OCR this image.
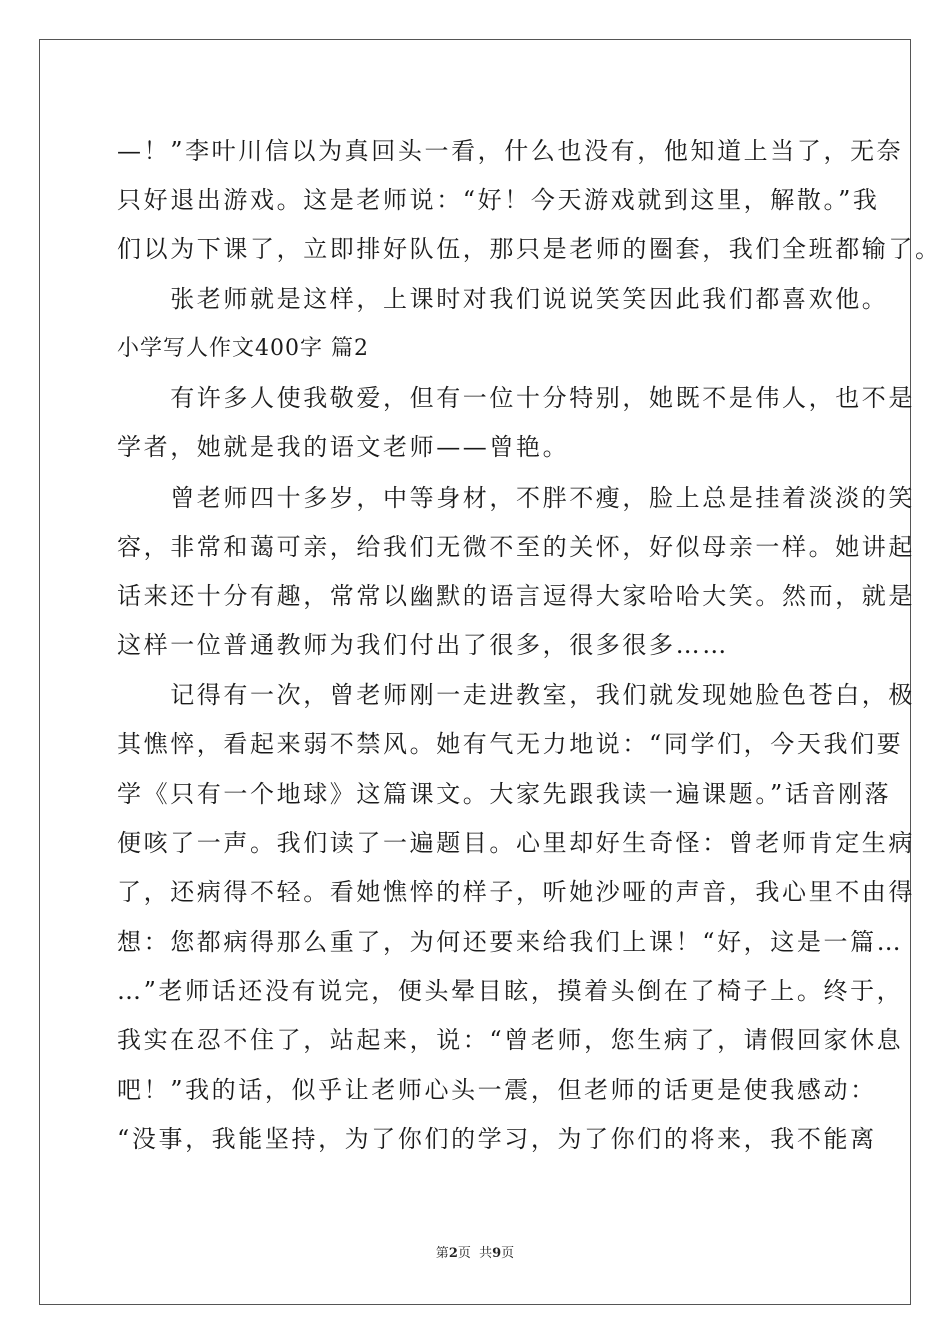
—！”李叶川信以为真回头一看，什么也没有，他知道上当了，无奈
只好退出游戏。这是老师说：“好！今天游戏就到这里，解散。”我
们以为下课了，立即排好队伍，那只是老师的圈套，我们全班都输了。
　　张老师就是这样，上课时对我们说说笑笑因此我们都喜欢他。
小学写人作文400字 篇2
　　有许多人使我敬爱，但有一位十分特别，她既不是伟人，也不是
学者，她就是我的语文老师——曾艳。
　　曾老师四十多岁，中等身材，不胖不瘦，脸上总是挂着淡淡的笑
容，非常和蔼可亲，给我们无微不至的关怀，好似母亲一样。她讲起
话来还十分有趣，常常以幽默的语言逗得大家哈哈大笑。然而，就是
这样一位普通教师为我们付出了很多，很多很多……
　　记得有一次，曾老师刚一走进教室，我们就发现她脸色苍白，极
其憔悴，看起来弱不禁风。她有气无力地说：“同学们，今天我们要
学《只有一个地球》这篇课文。大家先跟我读一遍课题。”话音刚落
便咳了一声。我们读了一遍题目。心里却好生奇怪：曾老师肯定生病
了，还病得不轻。看她憔悴的样子，听她沙哑的声音，我心里不由得
想：您都病得那么重了，为何还要来给我们上课！“好，这是一篇…
…”老师话还没有说完，便头晕目眩，摸着头倒在了椅子上。终于，
我实在忍不住了，站起来，说：“曾老师，您生病了，请假回家休息
吧！”我的话，似乎让老师心头一震，但老师的话更是使我感动：
“没事，我能坚持，为了你们的学习，为了你们的将来，我不能离
第2页  共9页
